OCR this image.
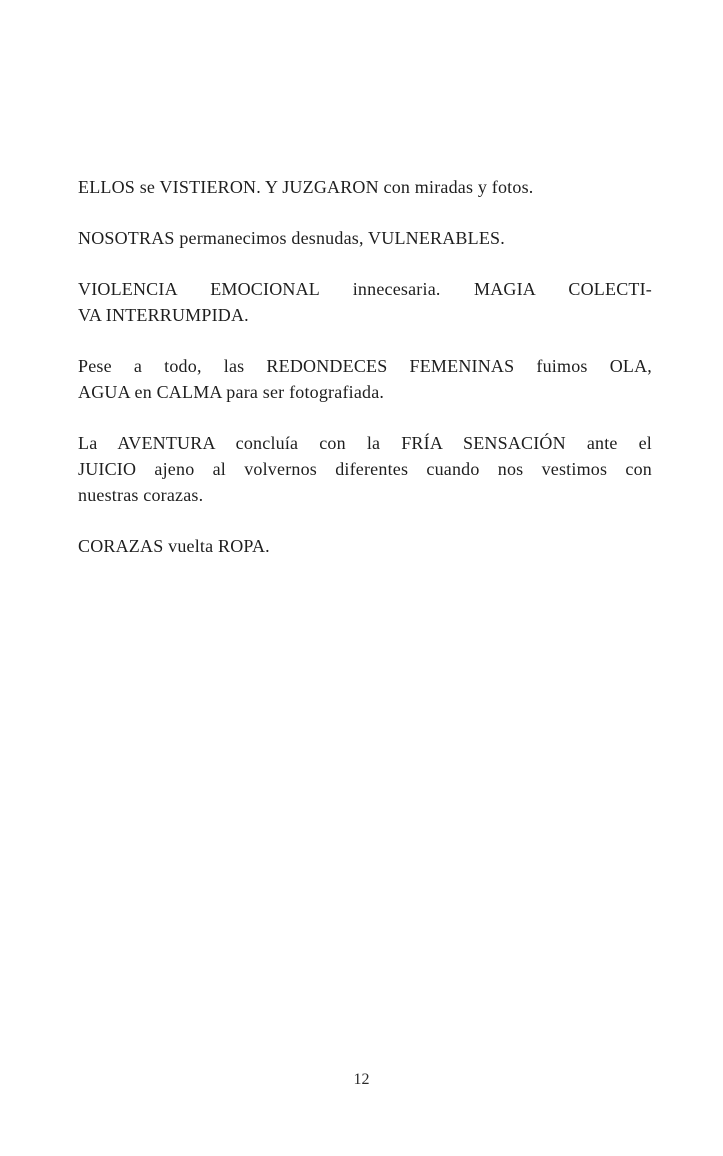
ELLOS se VISTIERON. Y JUZGARON con miradas y fotos.

NOSOTRAS permanecimos desnudas, VULNERABLES.

VIOLENCIA EMOCIONAL innecesaria. MAGIA COLECTI-
VA INTERRUMPIDA.

Pese a todo, las REDONDECES FEMENINAS fuimos OLA,
AGUA en CALMA para ser fotografiada.

La AVENTURA concluía con la FRÍA SENSACIÓN ante el
JUICIO ajeno al volvernos diferentes cuando nos vestimos con
nuestras corazas.

CORAZAS vuelta ROPA.

12
